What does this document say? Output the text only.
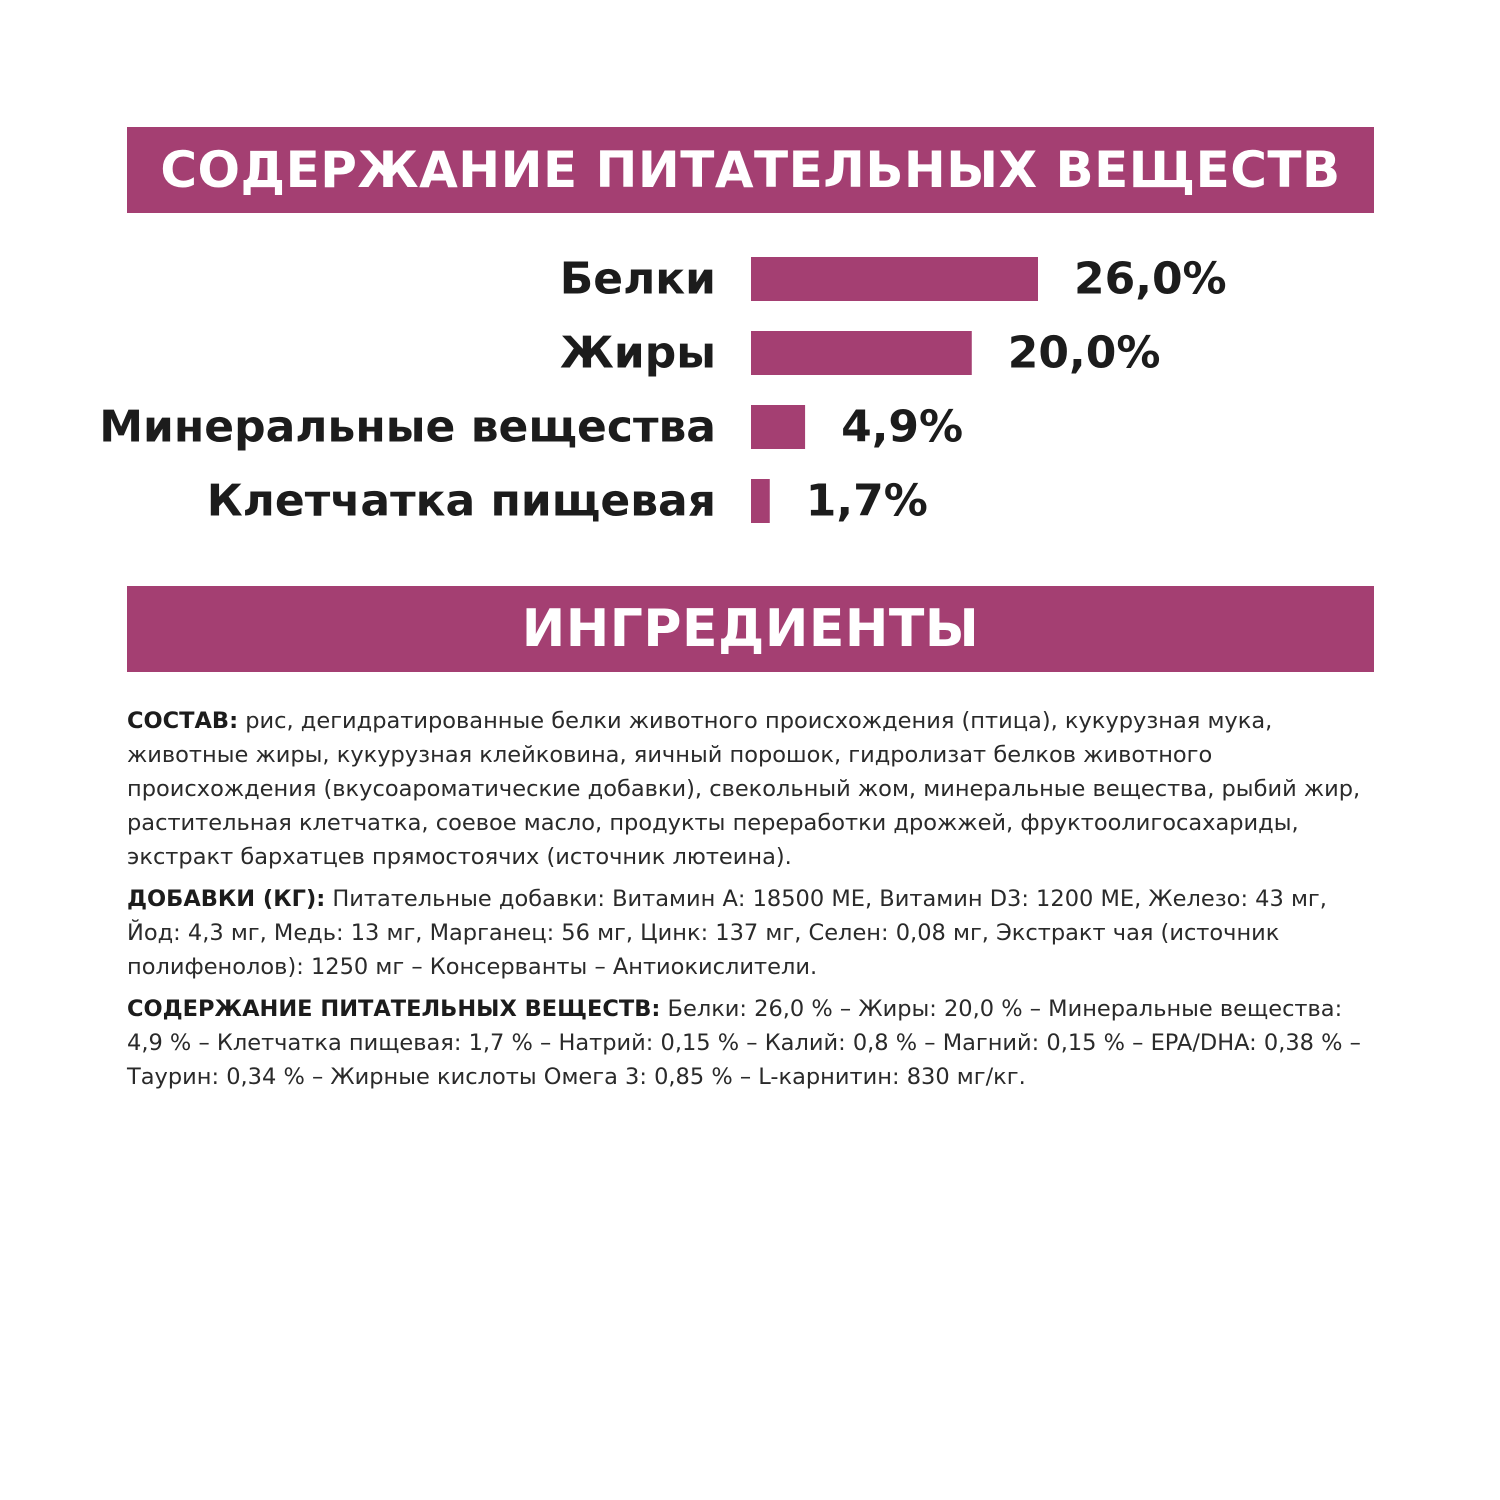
СОДЕРЖАНИЕ ПИТАТЕЛЬНЫХ ВЕЩЕСТВ
Белки	26,0%
Жиры	20,0%
Минеральные вещества	4,9%
Клетчатка пищевая 1,7%
ИНГРЕДИЕНТЫ

СОСТАВ: рис, дегидратированные белки животного происхождения (птица), кукурузная мука, животные жиры, кукурузная клейковина, яичный порошок, гидролизат белков животного происхождения (вкусоароматические добавки), свекольный жом, минеральные вещества, рыбий жир, растительная клетчатка, соевое масло, продукты переработки дрожжей, фруктоолигосахариды, экстракт бархатцев прямостоячих (источник лютеина).

ДОБАВКИ (КГ): Питательные добавки: Витамин А: 18500 МЕ, Витамин D3: 1200 МЕ, Железо: 43 мг, Йод: 4,3 мг, Медь: 13 мг, Марганец: 56 мг, Цинк: 137 мг, Селен: 0,08 мг, Экстракт чая (источник полифенолов): 1250 мг – Консерванты – Антиокислители.

СОДЕРЖАНИЕ ПИТАТЕЛЬНЫХ ВЕЩЕСТВ: Белки: 26,0 % – Жиры: 20,0 % – Минеральные вещества: 4,9 % – Клетчатка пищевая: 1,7 % – Натрий: 0,15 % – Калий: 0,8 % – Магний: 0,15 % – EPA/DHA: 0,38 % – Таурин: 0,34 % – Жирные кислоты Омега 3: 0,85 % – L-карнитин: 830 мг/кг.
